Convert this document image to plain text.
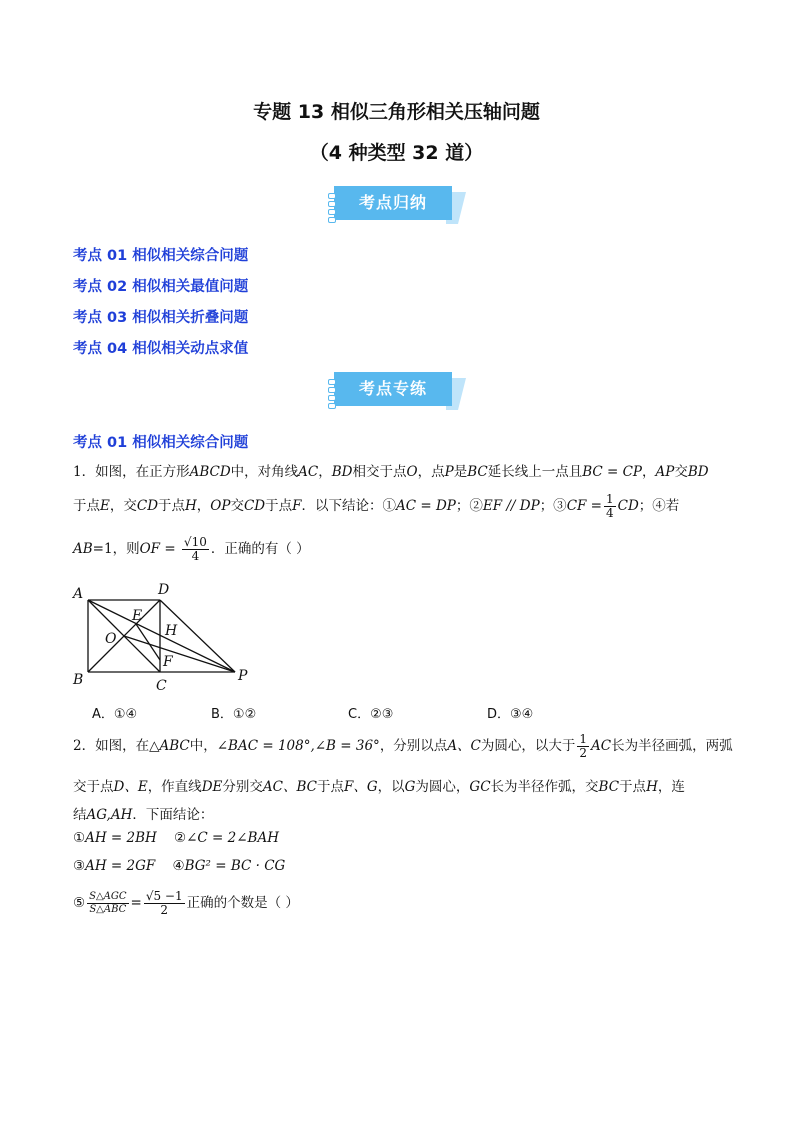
专题 13 相似三角形相关压轴问题
（4 种类型 32 道）
考点归纳
考点 01 相似相关综合问题
考点 02 相似相关最值问题
考点 03 相似相关折叠问题
考点 04 相似相关动点求值
考点专练
考点 01 相似相关综合问题
1．如图，在正方形ABCD中，对角线AC，BD相交于点O，点P是BC延长线上一点且BC = CP，AP交BD
于点E，交CD于点H，OP交CD于点F．以下结论：①AC = DP；②EF // DP；③CF = $\frac{1}{4}$ CD；④若
AB=1，则OF = $\frac{√10}{4}$ ．正确的有（ ）
A	D
E
O	H
F
B	C
P
A．①④	B．①②	C．②③	D．③④
2．如图，在△ABC中，∠BAC = 108°,∠B = 36°，分别以点A、C为圆心，以大于 $\frac{1}{2}$ AC长为半径画弧，两弧
交于点D、E，作直线DE分别交AC、BC于点F、G，以G为圆心，GC长为半径作弧，交BC于点H，连
结AG,AH．下面结论：
①AH = 2BH ②∠C = 2∠BAH
③AH = 2GF ④BG² = BC · CG
⑤ $\frac{\text{S△AGC}}{\text{S△ABC}} = \frac{√5 -1}{2}$ 正确的个数是（ ）
